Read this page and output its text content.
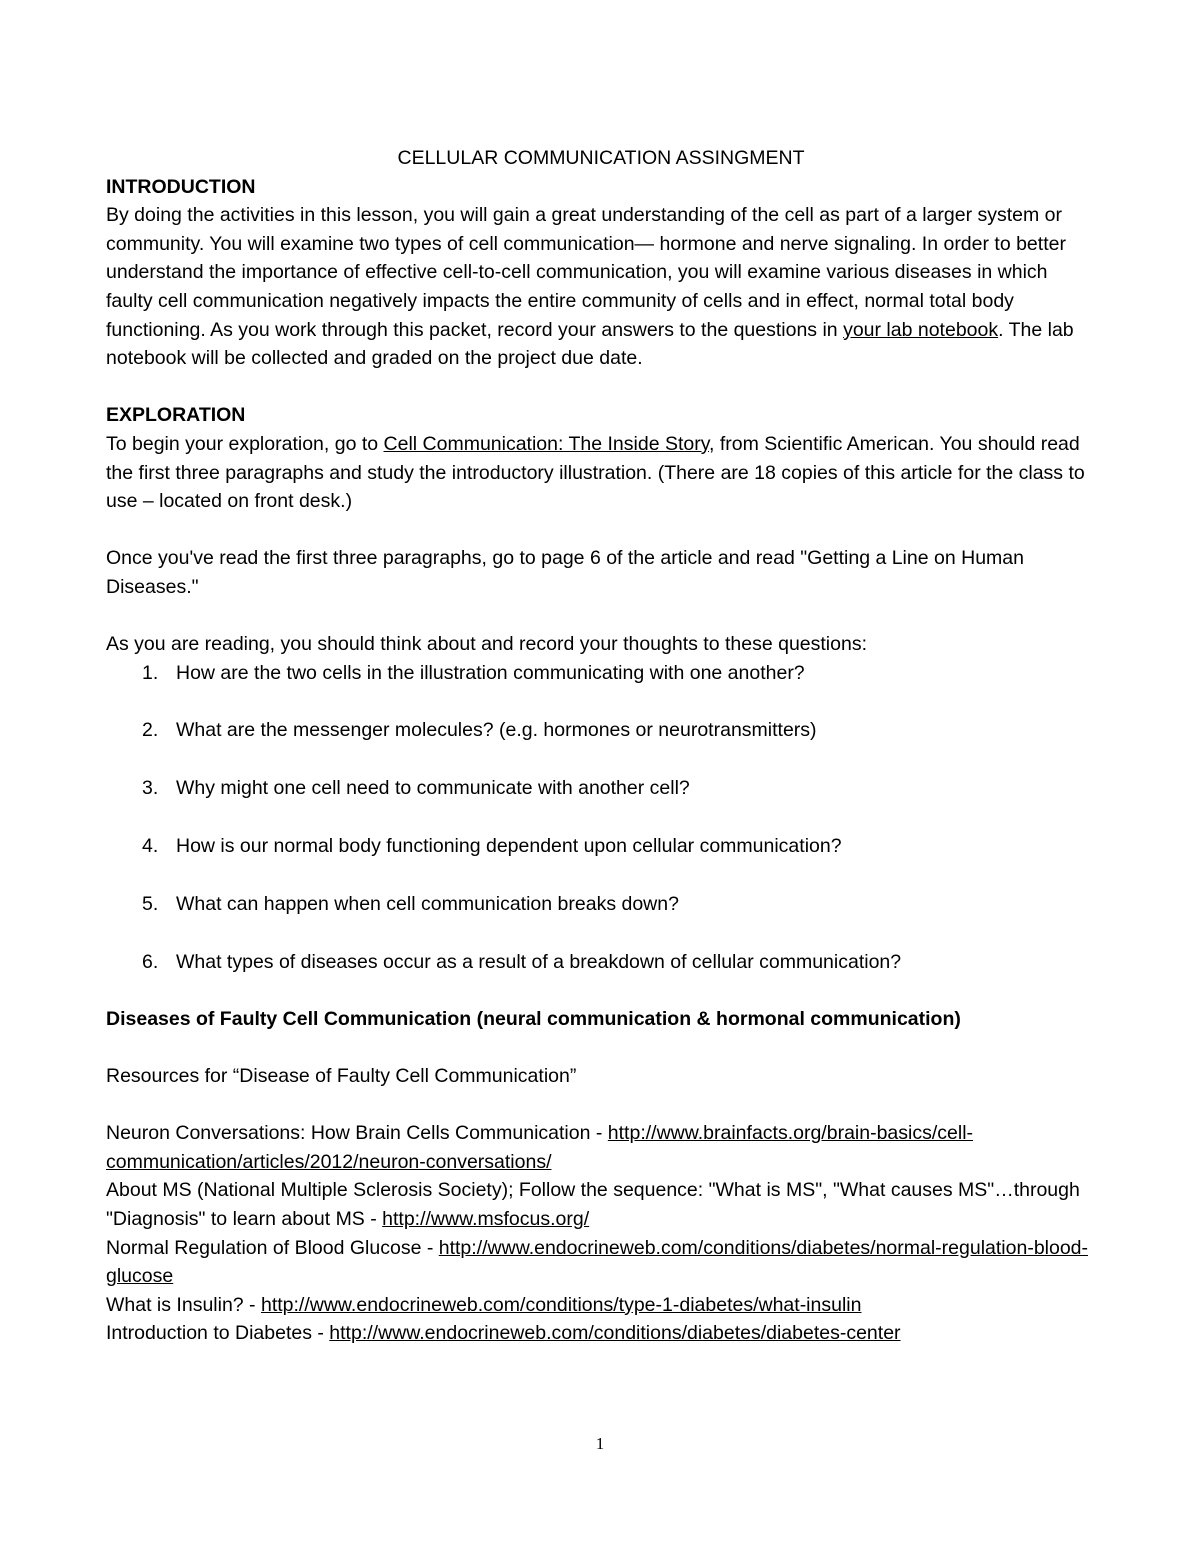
CELLULAR COMMUNICATION ASSINGMENT

INTRODUCTION

By doing the activities in this lesson, you will gain a great understanding of the cell as part of a larger system or community. You will examine two types of cell communication— hormone and nerve signaling. In order to better understand the importance of effective cell-to-cell communication, you will examine various diseases in which faulty cell communication negatively impacts the entire community of cells and in effect, normal total body functioning. As you work through this packet, record your answers to the questions in your lab notebook. The lab notebook will be collected and graded on the project due date.

EXPLORATION

To begin your exploration, go to Cell Communication: The Inside Story, from Scientific American. You should read the first three paragraphs and study the introductory illustration. (There are 18 copies of this article for the class to use – located on front desk.)

Once you've read the first three paragraphs, go to page 6 of the article and read "Getting a Line on Human Diseases."

As you are reading, you should think about and record your thoughts to these questions:

1. How are the two cells in the illustration communicating with one another?
2. What are the messenger molecules? (e.g. hormones or neurotransmitters)
3. Why might one cell need to communicate with another cell?
4. How is our normal body functioning dependent upon cellular communication?
5. What can happen when cell communication breaks down?
6. What types of diseases occur as a result of a breakdown of cellular communication?

Diseases of Faulty Cell Communication (neural communication & hormonal communication)

Resources for “Disease of Faulty Cell Communication”

Neuron Conversations: How Brain Cells Communication - http://www.brainfacts.org/brain-basics/cell-communication/articles/2012/neuron-conversations/

About MS (National Multiple Sclerosis Society); Follow the sequence: "What is MS", "What causes MS"…through "Diagnosis" to learn about MS - http://www.msfocus.org/

Normal Regulation of Blood Glucose - http://www.endocrineweb.com/conditions/diabetes/normal-regulation-blood-glucose

What is Insulin? - http://www.endocrineweb.com/conditions/type-1-diabetes/what-insulin

Introduction to Diabetes - http://www.endocrineweb.com/conditions/diabetes/diabetes-center

1
